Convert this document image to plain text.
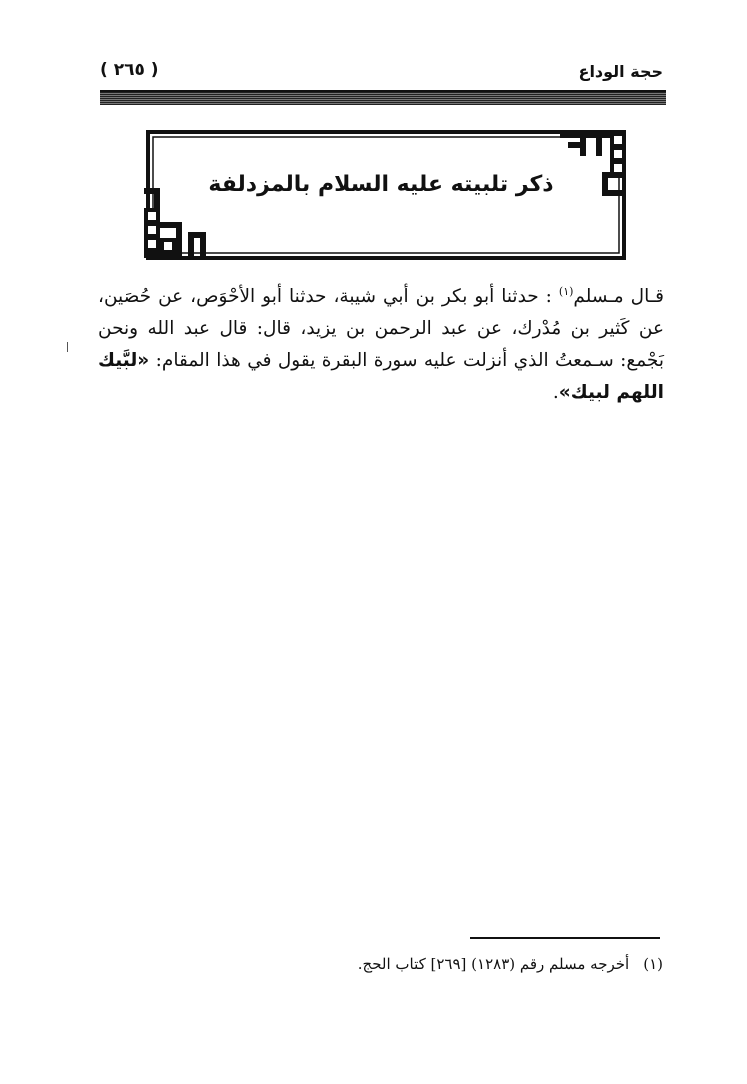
حجة الوداع
( ٢٦٥ )
ذكر تلبيته عليه السلام بالمزدلفة

قـال مـسلم$^{(١)}$ : حدثنا أبو بكر بن أبي شيبة، حدثنا أبو الأحْوَص، عن حُصَين، عن كَثير بن مُدْرك، عن عبد الرحمن بن يزيد، قال: قال عبد الله ونحن بَجْمع: سـمعتُ الذي أنزلت عليه سورة البقرة يقول في هذا المقام: «لبَّيك اللهم لبيك».

(١)أخرجه مسلم رقم (١٢٨٣) [٢٦٩] كتاب الحج.
